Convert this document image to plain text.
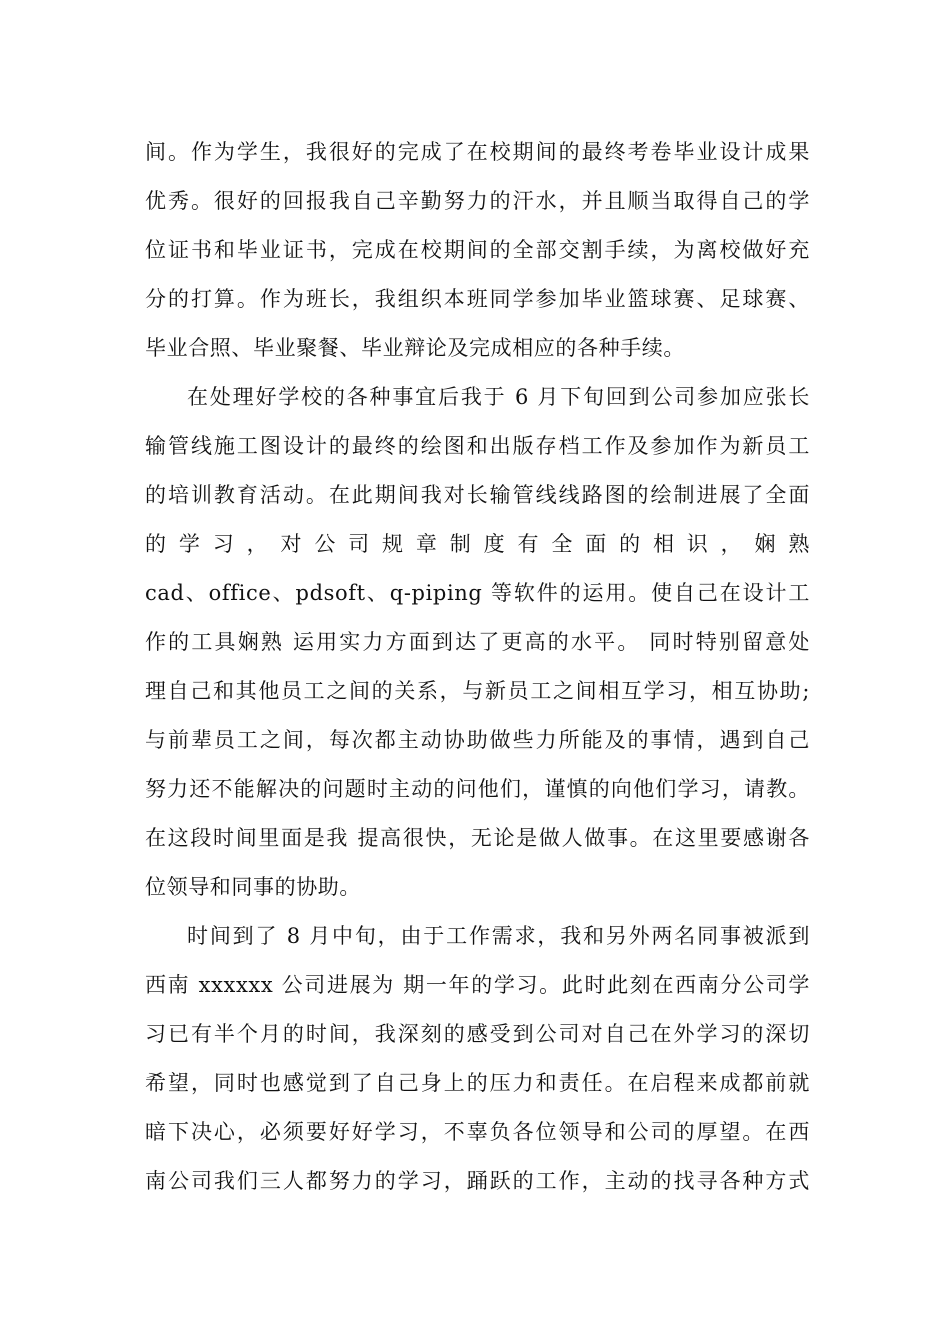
间。作为学生，我很好的完成了在校期间的最终考卷毕业设计成果
优秀。很好的回报我自己辛勤努力的汗水，并且顺当取得自己的学
位证书和毕业证书，完成在校期间的全部交割手续，为离校做好充
分的打算。作为班长，我组织本班同学参加毕业篮球赛、足球赛、
毕业合照、毕业聚餐、毕业辩论及完成相应的各种手续。
在处理好学校的各种事宜后我于 6 月下旬回到公司参加应张长
输管线施工图设计的最终的绘图和出版存档工作及参加作为新员工
的培训教育活动。在此期间我对长输管线线路图的绘制进展了全面
的学习，对公司规章制度有全面的相识，娴熟
cad、office、pdsoft、q-piping 等软件的运用。使自己在设计工
作的工具娴熟 运用实力方面到达了更高的水平。 同时特别留意处
理自己和其他员工之间的关系，与新员工之间相互学习，相互协助;
与前辈员工之间，每次都主动协助做些力所能及的事情，遇到自己
努力还不能解决的问题时主动的问他们，谨慎的向他们学习，请教。
在这段时间里面是我 提高很快，无论是做人做事。在这里要感谢各
位领导和同事的协助。
时间到了 8 月中旬，由于工作需求，我和另外两名同事被派到
西南 xxxxxx 公司进展为 期一年的学习。此时此刻在西南分公司学
习已有半个月的时间，我深刻的感受到公司对自己在外学习的深切
希望，同时也感觉到了自己身上的压力和责任。在启程来成都前就
暗下决心，必须要好好学习，不辜负各位领导和公司的厚望。在西
南公司我们三人都努力的学习，踊跃的工作，主动的找寻各种方式
